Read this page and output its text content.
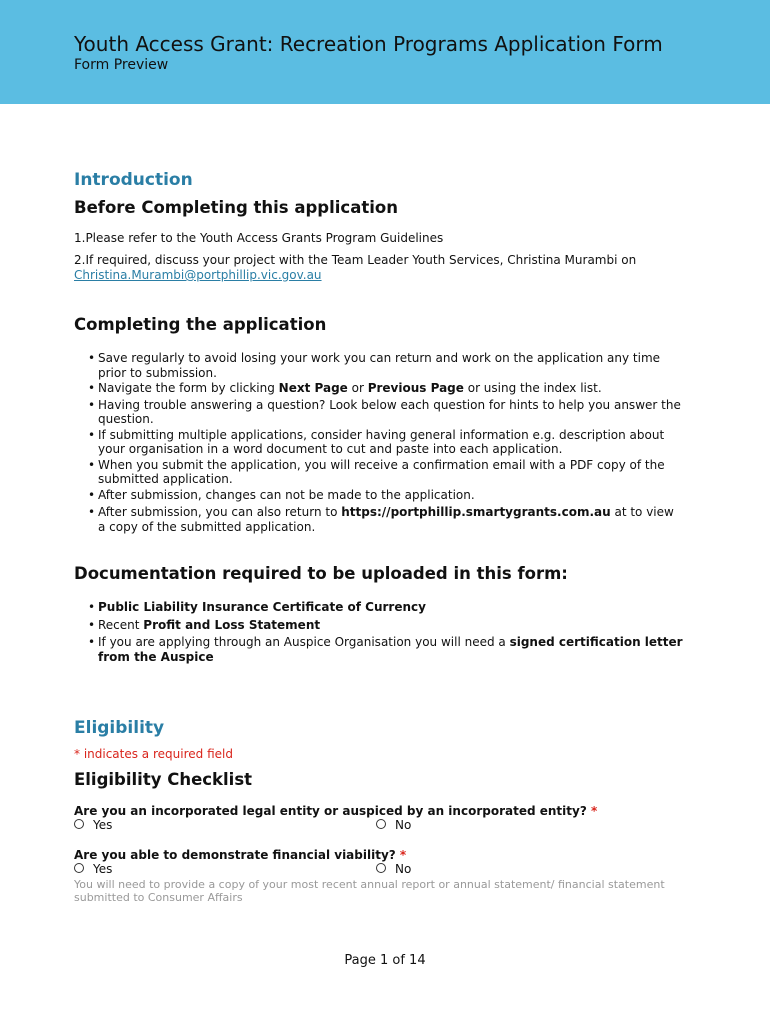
Youth Access Grant: Recreation Programs Application Form
Form Preview
Introduction
Before Completing this application

1.Please refer to the Youth Access Grants Program Guidelines

2.If required, discuss your project with the Team Leader Youth Services, Christina Murambi on Christina.Murambi@portphillip.vic.gov.au

Completing the application
• Save regularly to avoid losing your work you can return and work on the application any time prior to submission.
• Navigate the form by clicking Next Page or Previous Page or using the index list.
• Having trouble answering a question? Look below each question for hints to help you answer the question.
• If submitting multiple applications, consider having general information e.g. description about your organisation in a word document to cut and paste into each application.
• When you submit the application, you will receive a confirmation email with a PDF copy of the submitted application.
• After submission, changes can not be made to the application.
• After submission, you can also return to https://portphillip.smartygrants.com.au at to view a copy of the submitted application.
Documentation required to be uploaded in this form:
• Public Liability Insurance Certificate of Currency
• Recent Profit and Loss Statement
• If you are applying through an Auspice Organisation you will need a signed certification letter from the Auspice
Eligibility
* indicates a required field
Eligibility Checklist
Are you an incorporated legal entity or auspiced by an incorporated entity? *
Yes	No
Are you able to demonstrate financial viability? *
Yes	No
You will need to provide a copy of your most recent annual report or annual statement/ financial statement submitted to Consumer Affairs
Page 1 of 14
